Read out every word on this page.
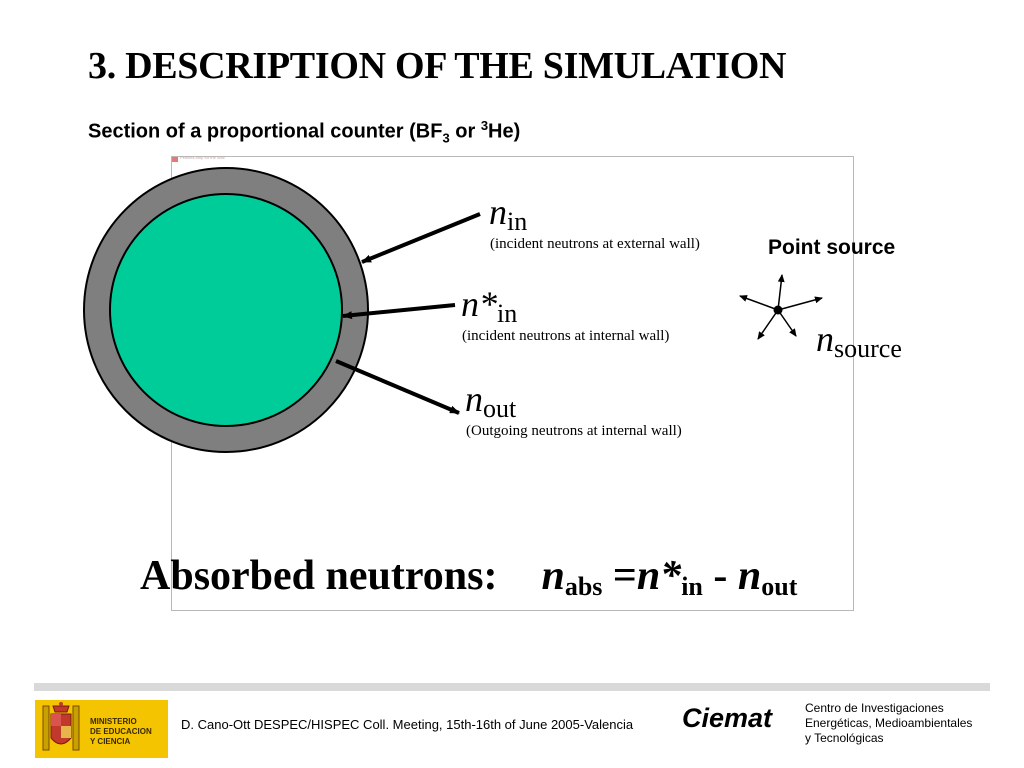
3. DESCRIPTION OF THE SIMULATION
Section of a proportional counter ($BF_3$ or $^3$He)
Pebbles.bmp for the Wall
$n_{in}$
(incident neutrons at external wall)
$n*_{in}$
(incident neutrons at internal wall)
$n_{out}$
(Outgoing neutrons at internal wall)
Point source
$n_{source}$
Absorbed neutrons: $n_{abs} =n*_{in} - n_{out}$
MINISTERIO
DE EDUCACION
Y CIENCIA
D. Cano-Ott DESPEC/HISPEC Coll. Meeting, 15th-16th of June 2005-Valencia Ciemat	Centro de Investigaciones
Energéticas, Medioambientales
y Tecnológicas
